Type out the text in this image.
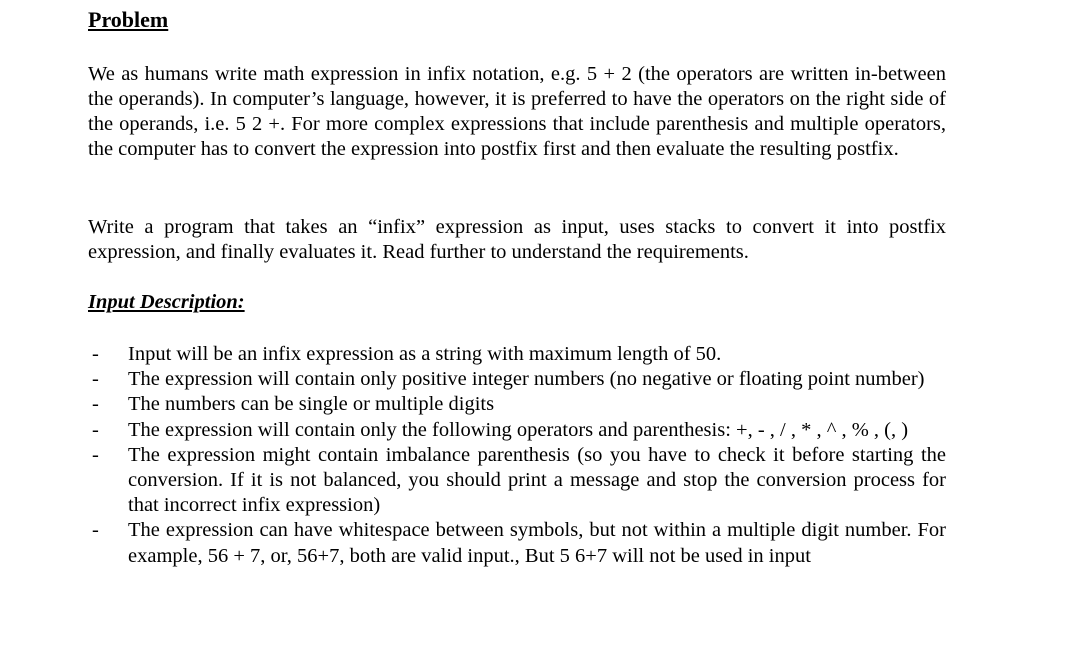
Problem

We as humans write math expression in infix notation, e.g. 5 + 2 (the operators are written in-between the operands). In computer’s language, however, it is preferred to have the operators on the right side of the operands, i.e. 5 2 +. For more complex expressions that include parenthesis and multiple operators, the computer has to convert the expression into postfix first and then evaluate the resulting postfix.

Write a program that takes an “infix” expression as input, uses stacks to convert it into postfix expression, and finally evaluates it. Read further to understand the requirements.

Input Description:
- Input will be an infix expression as a string with maximum length of 50.
- The expression will contain only positive integer numbers (no negative or floating point number)
- The numbers can be single or multiple digits
- The expression will contain only the following operators and parenthesis: +, - , / , * , ^ , % , (, )
- The expression might contain imbalance parenthesis (so you have to check it before starting the conversion. If it is not balanced, you should print a message and stop the conversion process for that incorrect infix expression)
- The expression can have whitespace between symbols, but not within a multiple digit number. For example, 56 + 7, or, 56+7, both are valid input., But 5 6+7 will not be used in input
